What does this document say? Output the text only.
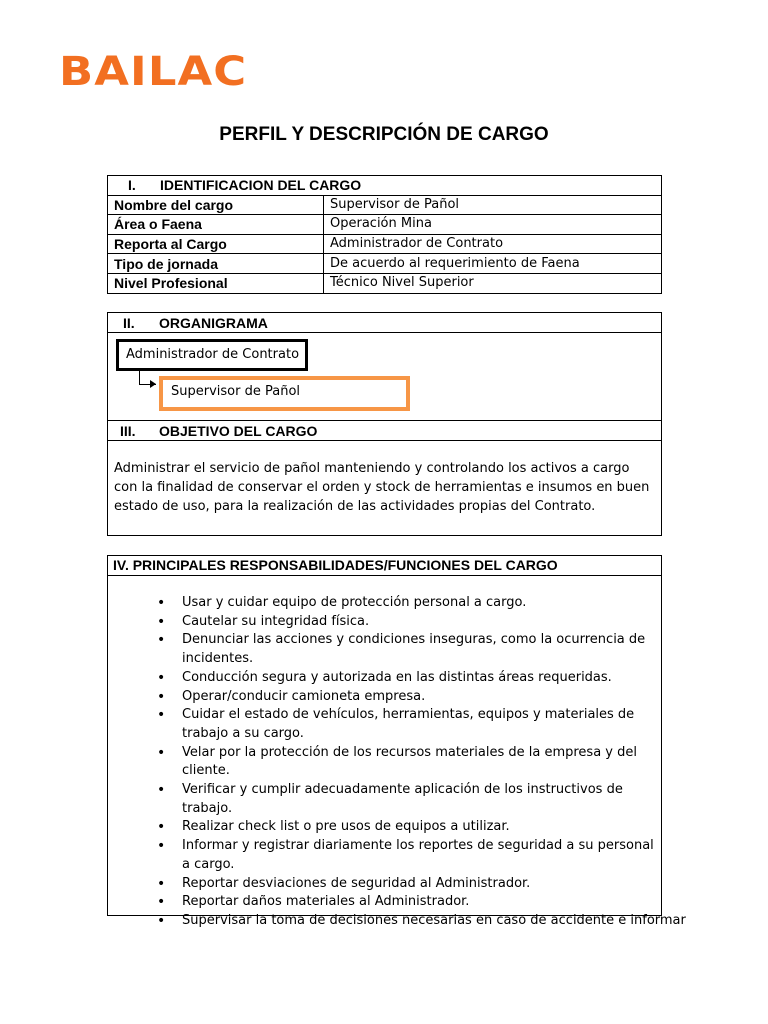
BAILAC
PERFIL Y DESCRIPCIÓN DE CARGO
I. IDENTIFICACION DEL CARGO	
Nombre del cargo	Supervisor de Pañol
Área o Faena	Operación Mina
Reporta al Cargo	Administrador de Contrato
Tipo de jornada	De acuerdo al requerimiento de Faena
Nivel Profesional	Técnico Nivel Superior
II. ORGANIGRAMA
Administrador de Contrato
Supervisor de Pañol
III. OBJETIVO DEL CARGO
Administrar el servicio de pañol manteniendo y controlando los activos a cargo con la finalidad de conservar el orden y stock de herramientas e insumos en buen estado de uso, para la realización de las actividades propias del Contrato.
IV. PRINCIPALES RESPONSABILIDADES/FUNCIONES DEL CARGO
• Usar y cuidar equipo de protección personal a cargo.
• Cautelar su integridad física.
• Denunciar las acciones y condiciones inseguras, como la ocurrencia de incidentes.
• Conducción segura y autorizada en las distintas áreas requeridas.
• Operar/conducir camioneta empresa.
• Cuidar el estado de vehículos, herramientas, equipos y materiales de trabajo a su cargo.
• Velar por la protección de los recursos materiales de la empresa y del cliente.
• Verificar y cumplir adecuadamente aplicación de los instructivos de trabajo.
• Realizar check list o pre usos de equipos a utilizar.
• Informar y registrar diariamente los reportes de seguridad a su personal a cargo.
• Reportar desviaciones de seguridad al Administrador.
• Reportar daños materiales al Administrador.
• Supervisar la toma de decisiones necesarias en caso de accidente e informar
